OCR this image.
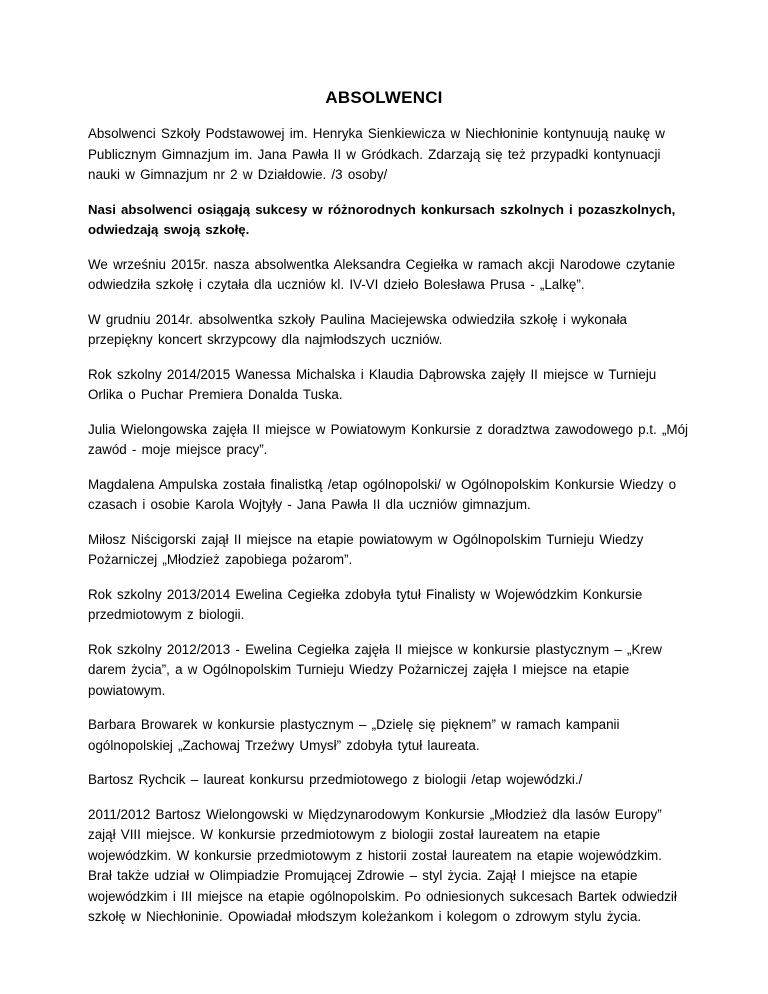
ABSOLWENCI

Absolwenci Szkoły Podstawowej im. Henryka Sienkiewicza w Niechłoninie kontynuują naukę w Publicznym Gimnazjum im. Jana Pawła II w Gródkach. Zdarzają się też przypadki kontynuacji nauki w Gimnazjum nr 2 w Działdowie. /3 osoby/

Nasi absolwenci osiągają sukcesy w różnorodnych konkursach szkolnych i pozaszkolnych, odwiedzają swoją szkołę.

We wrześniu 2015r. nasza absolwentka Aleksandra Cegiełka w ramach akcji Narodowe czytanie odwiedziła szkołę i czytała dla uczniów kl. IV-VI dzieło Bolesława Prusa - „Lalkę”.

W grudniu 2014r. absolwentka szkoły Paulina Maciejewska odwiedziła szkołę i wykonała przepiękny koncert skrzypcowy dla najmłodszych uczniów.

Rok szkolny 2014/2015 Wanessa Michalska i Klaudia Dąbrowska zajęły II miejsce w Turnieju Orlika o Puchar Premiera Donalda Tuska.

Julia Wielongowska zajęła II miejsce w Powiatowym Konkursie z doradztwa zawodowego p.t. „Mój zawód - moje miejsce pracy”.

Magdalena Ampulska została finalistką /etap ogólnopolski/ w Ogólnopolskim Konkursie Wiedzy o czasach i osobie Karola Wojtyły - Jana Pawła II dla uczniów gimnazjum.

Miłosz Niścigorski zajął II miejsce na etapie powiatowym w Ogólnopolskim Turnieju Wiedzy Pożarniczej „Młodzież zapobiega pożarom”.

Rok szkolny 2013/2014 Ewelina Cegiełka zdobyła tytuł Finalisty w Wojewódzkim Konkursie przedmiotowym z biologii.

Rok szkolny 2012/2013 - Ewelina Cegiełka zajęła II miejsce w konkursie plastycznym – „Krew darem życia”, a w Ogólnopolskim Turnieju Wiedzy Pożarniczej zajęła I miejsce na etapie powiatowym.

Barbara Browarek w konkursie plastycznym – „Dzielę się pięknem” w ramach kampanii ogólnopolskiej „Zachowaj Trzeźwy Umysł” zdobyła tytuł laureata.

Bartosz Rychcik – laureat konkursu przedmiotowego z biologii /etap wojewódzki./

2011/2012 Bartosz Wielongowski w Międzynarodowym Konkursie „Młodzież dla lasów Europy” zajął VIII miejsce. W konkursie przedmiotowym z biologii został laureatem na etapie wojewódzkim. W konkursie przedmiotowym z historii został laureatem na etapie wojewódzkim. Brał także udział w Olimpiadzie Promującej Zdrowie – styl życia. Zajął I miejsce na etapie wojewódzkim i III miejsce na etapie ogólnopolskim. Po odniesionych sukcesach Bartek odwiedził szkołę w Niechłoninie. Opowiadał młodszym koleżankom i kolegom o zdrowym stylu życia.
